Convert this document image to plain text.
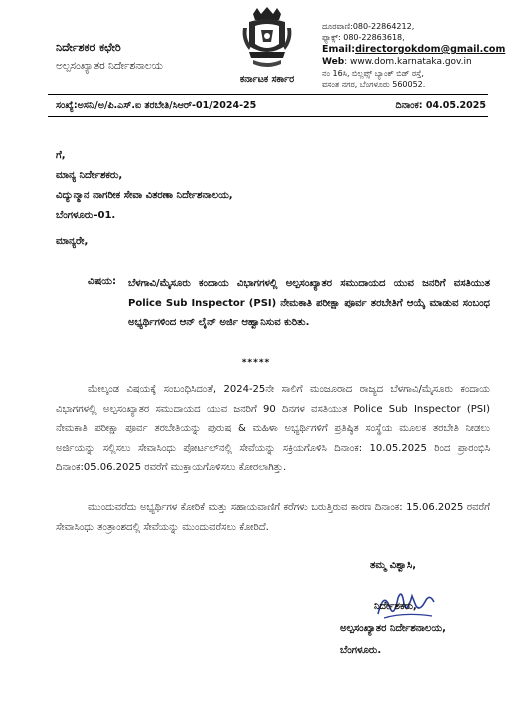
ನಿರ್ದೇಶಕರ ಕಛೇರಿ
ಅಲ್ಪಸಂಖ್ಯಾತರ ನಿರ್ದೇಶನಾಲಯ
ಕರ್ನಾಟಕ ಸರ್ಕಾರ
ದೂರವಾಣಿ:080-22864212,
ಫ್ಯಾಕ್ಸ್: 080-22863618,
Email:directorgokdom@gmail.com
Web: www.dom.karnataka.gov.in
ನಂ 16ಸಿ, ಬಿಲ್ಲಪ್ಸ್ ಬ್ಯಾಂಕ್ ಬಿಡ್ ರಸ್ತೆ,
ವಸಂತ ನಗರ, ಬೆಂಗಳೂರು 560052.
ಸಂಖ್ಯೆ:ಅಸನಿ/ಅ/ಪಿ.ಎಸ್.ಐ ತರಬೇತಿ/ಸಿಆರ್-01/2024-25	ದಿನಾಂಕ: 04.05.2025
ಗೆ,
ಮಾನ್ಯ ನಿರ್ದೇಶಕರು,
ವಿದ್ಯುನ್ಮಾನ ನಾಗರೀಕ ಸೇವಾ ವಿತರಣಾ ನಿರ್ದೇಶನಾಲಯ,
ಬೆಂಗಳೂರು-01.
ಮಾನ್ಯರೇ,
ವಿಷಯ: ಬೆಳಗಾವಿ/ಮೈಸೂರು ಕಂದಾಯ ವಿಭಾಗಗಳಲ್ಲಿ ಅಲ್ಪಸಂಖ್ಯಾತರ ಸಮುದಾಯದ ಯುವ ಜನರಿಗೆ ವಸತಿಯುತ Police Sub Inspector (PSI) ನೇಮಕಾತಿ ಪರೀಕ್ಷಾ ಪೂರ್ವ ತರಬೇತಿಗೆ ಆಯ್ಕೆ ಮಾಡುವ ಸಂಬಂಧ ಅಭ್ಯರ್ಥಿಗಳಿಂದ ಆನ್ ಲೈನ್ ಅರ್ಜಿ ಆಹ್ವಾನಿಸುವ ಕುರಿತು.
*****
ಮೇಲ್ಕಂಡ ವಿಷಯಕ್ಕೆ ಸಂಬಂಧಿಸಿದಂತೆ, 2024-25ನೇ ಸಾಲಿಗೆ ಮಂಜೂರಾದ ರಾಜ್ಯದ ಬೆಳಗಾವಿ/ಮೈಸೂರು ಕಂದಾಯ ವಿಭಾಗಗಳಲ್ಲಿ ಅಲ್ಪಸಂಖ್ಯಾತರ ಸಮುದಾಯದ ಯುವ ಜನರಿಗೆ 90 ದಿನಗಳ ವಸತಿಯುತ Police Sub Inspector (PSI) ನೇಮಕಾತಿ ಪರೀಕ್ಷಾ ಪೂರ್ವ ತರಬೇತಿಯನ್ನು ಪುರುಷ & ಮಹಿಳಾ ಅಭ್ಯರ್ಥಿಗಳಿಗೆ ಪ್ರತಿಷ್ಠಿತ ಸಂಸ್ಥೆಯ ಮೂಲಕ ತರಬೇತಿ ನೀಡಲು ಅರ್ಜಿಯನ್ನು ಸಲ್ಲಿಸಲು ಸೇವಾಸಿಂಧು ಪೋರ್ಟಲ್‌ನಲ್ಲಿ ಸೇವೆಯನ್ನು ಸಕ್ರಿಯಗೊಳಿಸಿ ದಿನಾಂಕ: 10.05.2025 ರಿಂದ ಪ್ರಾರಂಭಿಸಿ ದಿನಾಂಕ:05.06.2025 ರವರೆಗೆ ಮುಕ್ತಾಯಗೊಳಿಸಲು ಕೋರಲಾಗಿತ್ತು.
ಮುಂದುವರೆದು ಅಭ್ಯರ್ಥಿಗಳ ಕೋರಿಕೆ ಮತ್ತು ಸಹಾಯವಾಣಿಗೆ ಕರೆಗಳು ಬರುತ್ತಿರುವ ಕಾರಣ ದಿನಾಂಕ: 15.06.2025 ರವರೆಗೆ ಸೇವಾಸಿಂಧು ತಂತ್ರಾಂಶದಲ್ಲಿ ಸೇವೆಯನ್ನು ಮುಂದುವರೆಸಲು ಕೋರಿದೆ.
ತಮ್ಮ ವಿಶ್ವಾಸಿ,
ನಿರ್ದೇಶಕರು,
ಅಲ್ಪಸಂಖ್ಯಾತರ ನಿರ್ದೇಶನಾಲಯ,
ಬೆಂಗಳೂರು.
